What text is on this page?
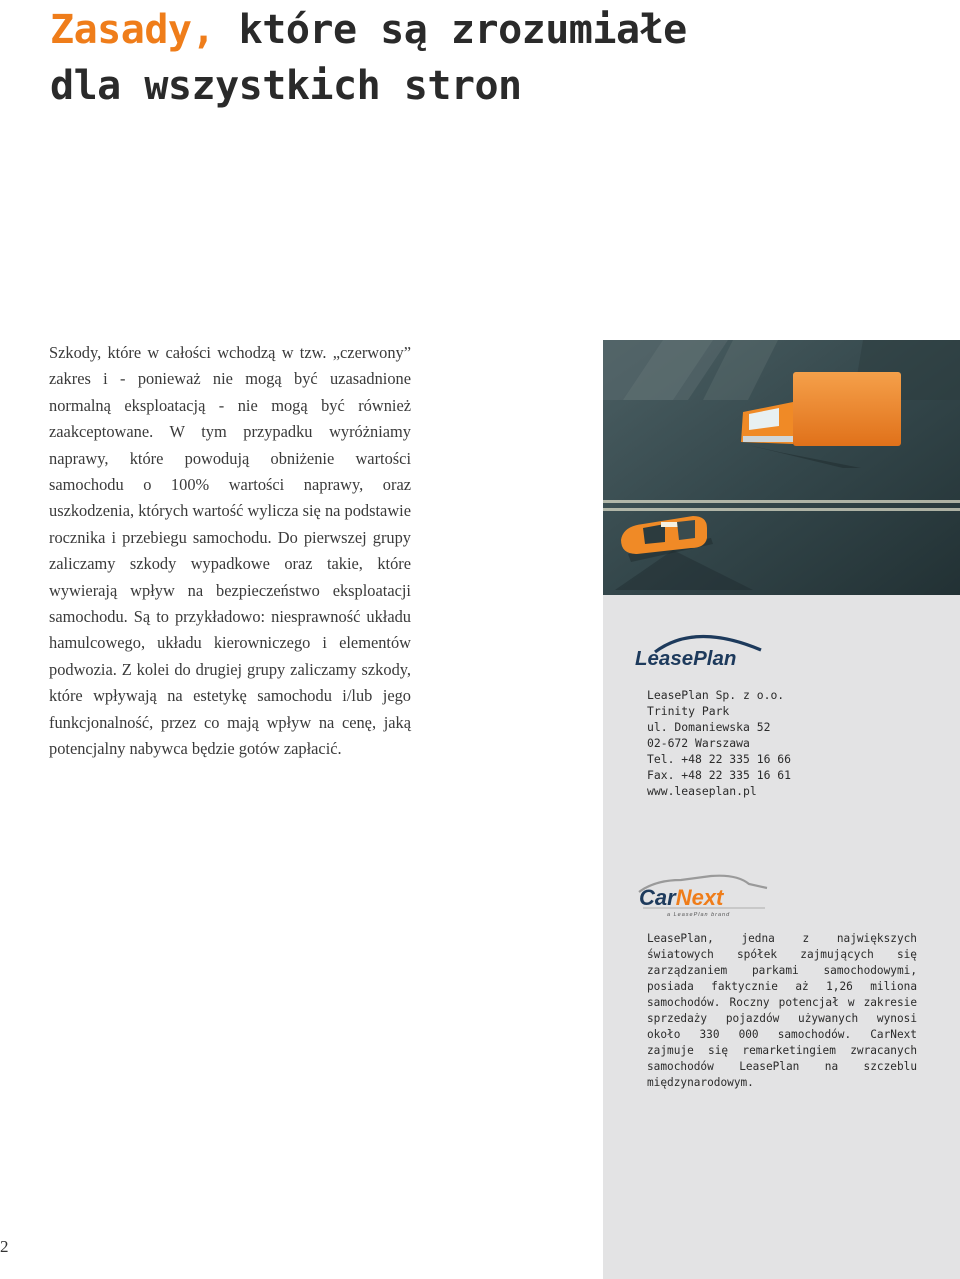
Zasady, które są zrozumiałe
dla wszystkich stron

Szkody, które w całości wchodzą w tzw. „czerwony” zakres i - ponieważ nie mogą być uzasadnione normalną eksploatacją - nie mogą być również zaakceptowane. W tym przypadku wyróżniamy naprawy, które powodują obniżenie wartości samochodu o 100% wartości naprawy, oraz uszkodzenia, których wartość wylicza się na podstawie rocznika i przebiegu samochodu. Do pierwszej grupy zaliczamy szkody wypadkowe oraz takie, które wywierają wpływ na bezpieczeństwo eksploatacji samochodu. Są to przykładowo: niesprawność układu hamulcowego, układu kierowniczego i elementów podwozia. Z kolei do drugiej grupy zaliczamy szkody, które wpływają na estetykę samochodu i/lub jego funkcjonalność, przez co mają wpływ na cenę, jaką potencjalny nabywca będzie gotów zapłacić.

LeasePlan
LeasePlan Sp. z o.o.
Trinity Park
ul. Domaniewska 52
02-672 Warszawa
Tel. +48 22 335 16 66
Fax. +48 22 335 16 61
www.leaseplan.pl
CarNext
a LeasePlan brand

LeasePlan, jedna z największych światowych spółek zajmujących się zarządzaniem parkami samochodowymi, posiada faktycznie aż 1,26 miliona samochodów. Roczny potencjał w zakresie sprzedaży pojazdów używanych wynosi około 330 000 samochodów. CarNext zajmuje się remarketingiem zwracanych samochodów LeasePlan na szczeblu międzynarodowym.

2
